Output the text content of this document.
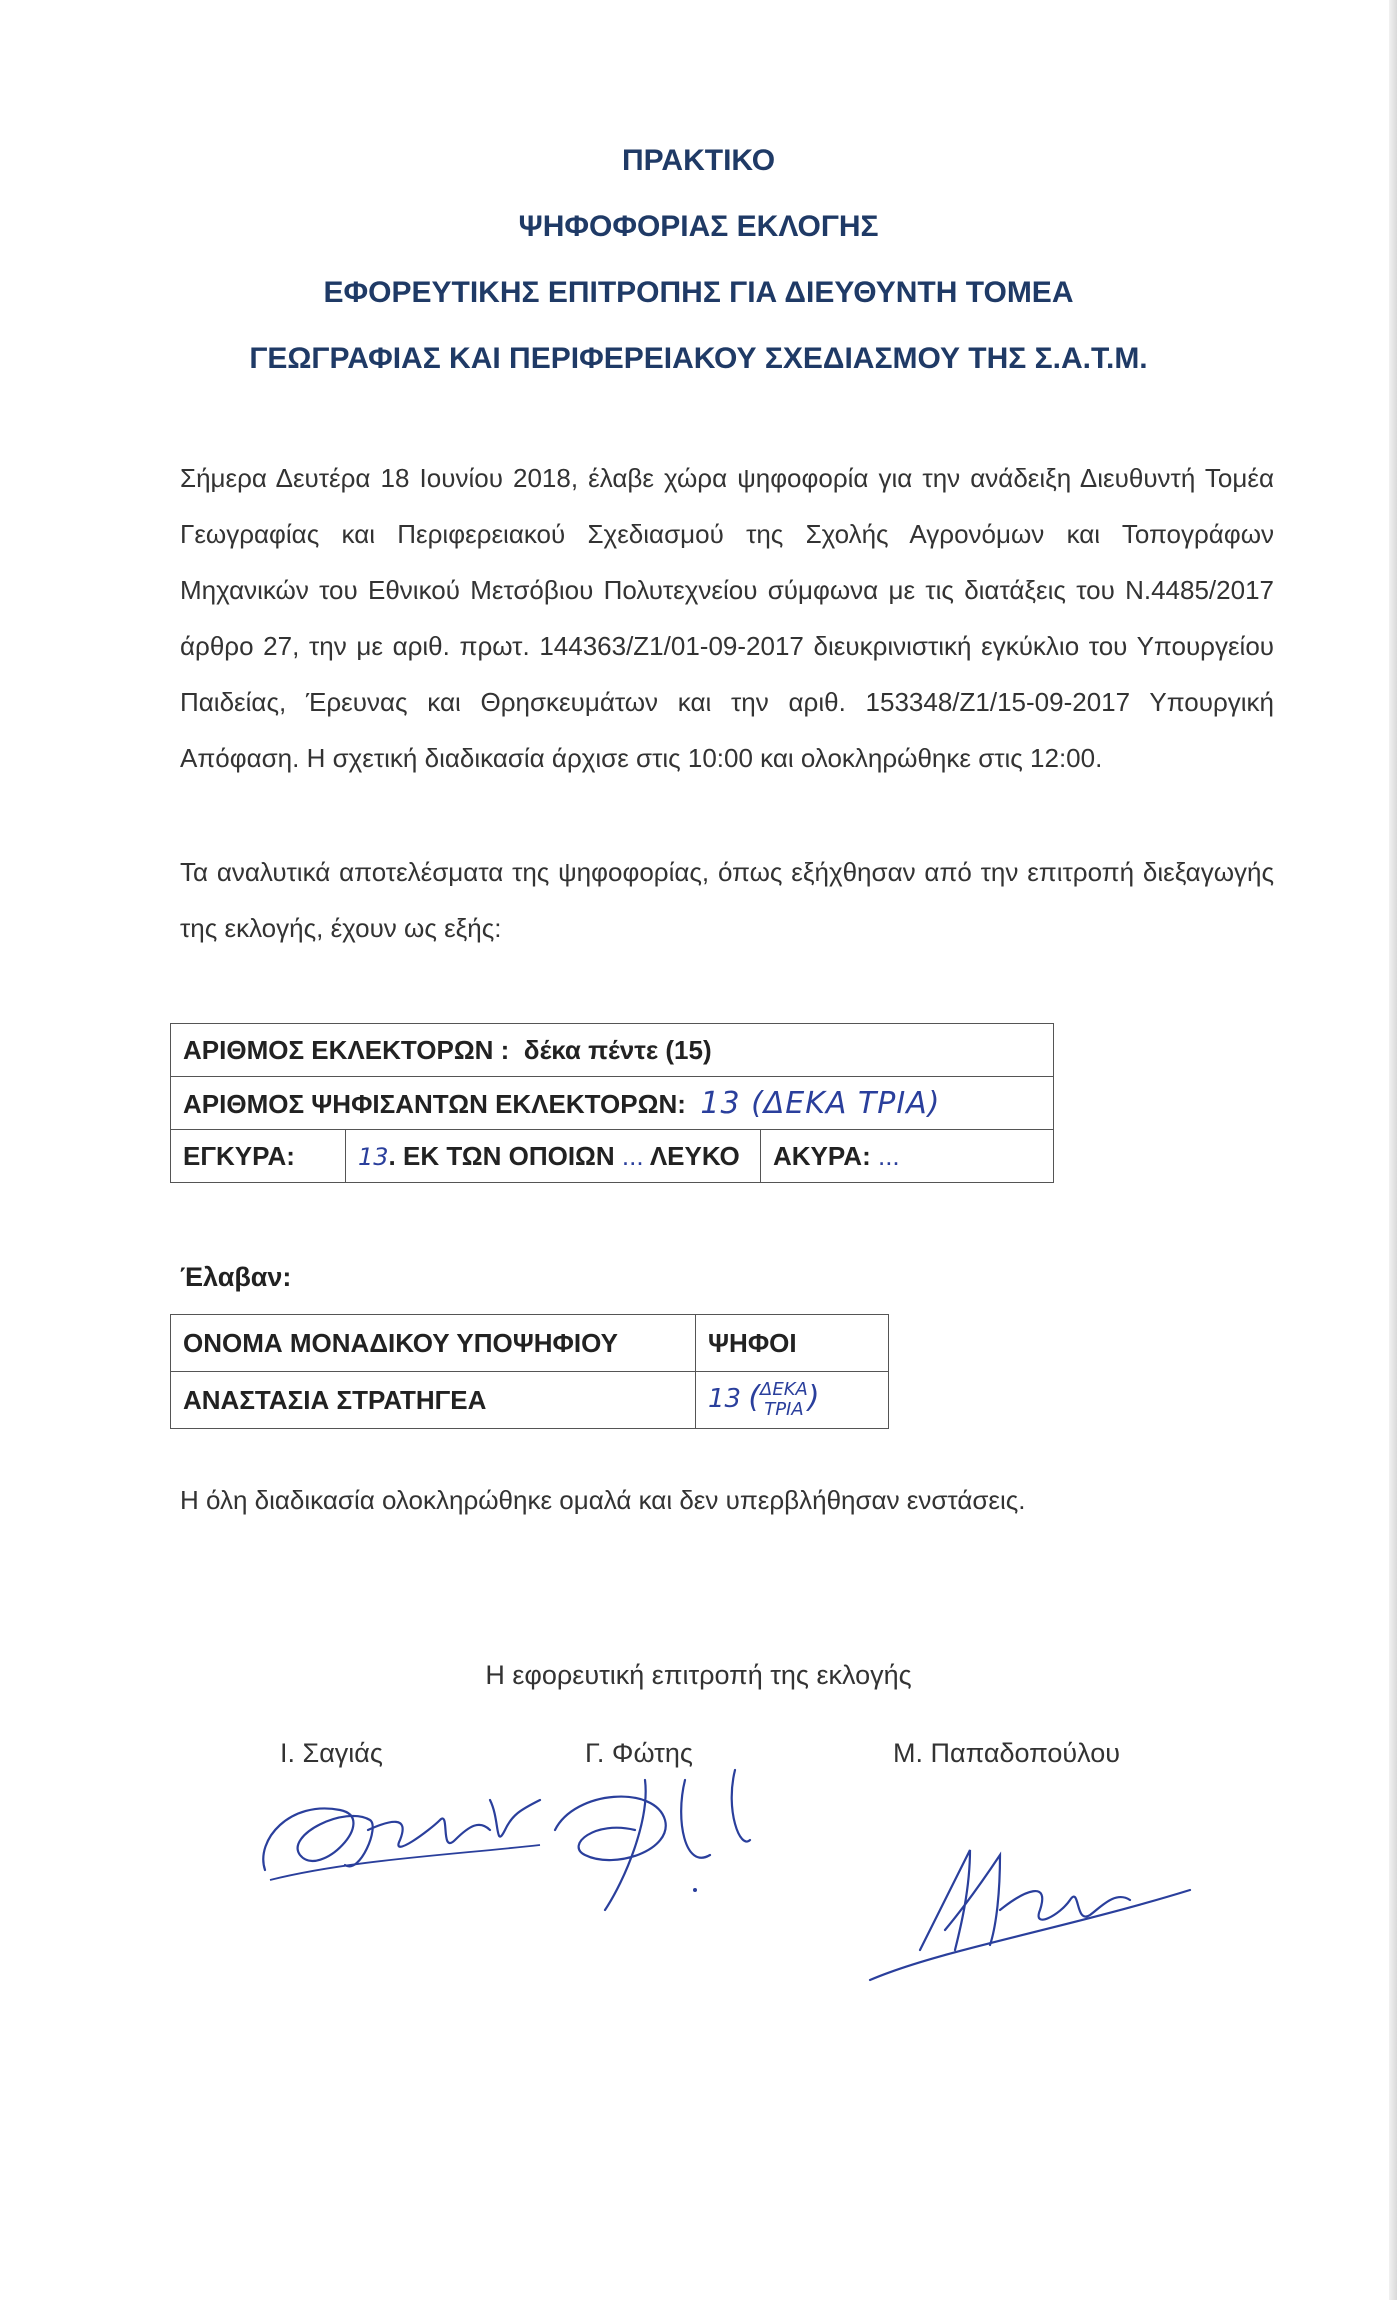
ΠΡΑΚΤΙΚΟ
ΨΗΦΟΦΟΡΙΑΣ ΕΚΛΟΓΗΣ
ΕΦΟΡΕΥΤΙΚΗΣ ΕΠΙΤΡΟΠΗΣ ΓΙΑ ΔΙΕΥΘΥΝΤΗ ΤΟΜΕΑ
ΓΕΩΓΡΑΦΙΑΣ ΚΑΙ ΠΕΡΙΦΕΡΕΙΑΚΟΥ ΣΧΕΔΙΑΣΜΟΥ ΤΗΣ Σ.Α.Τ.Μ.
Σήμερα Δευτέρα 18 Ιουνίου 2018, έλαβε χώρα ψηφοφορία για την ανάδειξη Διευθυντή Τομέα Γεωγραφίας και Περιφερειακού Σχεδιασμού της Σχολής Αγρονόμων και Τοπογράφων Μηχανικών του Εθνικού Μετσόβιου Πολυτεχνείου σύμφωνα με τις διατάξεις του Ν.4485/2017 άρθρο 27, την με αριθ. πρωτ. 144363/Ζ1/01-09-2017 διευκρινιστική εγκύκλιο του Υπουργείου Παιδείας, Έρευνας και Θρησκευμάτων και την αριθ. 153348/Ζ1/15-09-2017 Υπουργική Απόφαση. Η σχετική διαδικασία άρχισε στις 10:00 και ολοκληρώθηκε στις 12:00.
Τα αναλυτικά αποτελέσματα της ψηφοφορίας, όπως εξήχθησαν από την επιτροπή διεξαγωγής της εκλογής, έχουν ως εξής:
ΑΡΙΘΜΟΣ ΕΚΛΕΚΤΟΡΩΝ : δέκα πέντε (15)
ΑΡΙΘΜΟΣ ΨΗΦΙΣΑΝΤΩΝ ΕΚΛΕΚΤΟΡΩΝ: 13 (ΔΕΚΑ ΤΡΙΑ)
ΕΓΚΥΡΑ:	13. ΕΚ ΤΩΝ ΟΠΟΙΩΝ ... ΛΕΥΚΟ	ΑΚΥΡΑ: ...
Έλαβαν:
ΟΝΟΜΑ ΜΟΝΑΔΙΚΟΥ ΥΠΟΨΗΦΙΟΥ	ΨΗΦΟΙ
ΑΝΑΣΤΑΣΙΑ ΣΤΡΑΤΗΓΕΑ	13 (ΔΕΚΑ
ΤΡΙΑ )
Η όλη διαδικασία ολοκληρώθηκε ομαλά και δεν υπερβλήθησαν ενστάσεις.
Η εφορευτική επιτροπή της εκλογής
Ι. Σαγιάς	Γ. Φώτης	Μ. Παπαδοπούλου
